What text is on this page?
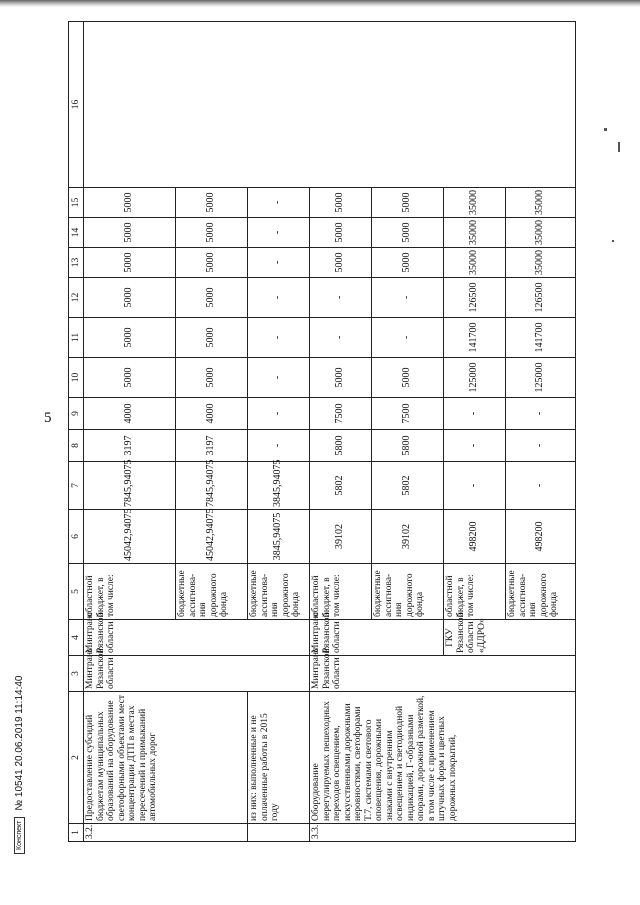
5
1	2	3	4	5	6	7	8	9	10	11	12	13	14	15	16
3.2.	Предоставление субсидий бюджетам муниципальных образований на оборудование светофорными объектами мест концентрации ДТП в местах пересечений и примыканий автомобильных дорог	Минтранс Рязанской области	Минтранс Рязанской области	областной бюджет, в том числе:	45042,94075	7845,94075	3197	4000	5000	5000	5000	5000	5000	5000	
				бюджетные ассигнова-ния дорожного фонда	45042,94075	7845,94075	3197	4000	5000	5000	5000	5000	5000	5000	
	из них: выполненные и не оплаченные работы в 2015 году			бюджетные ассигнова-ния дорожного фонда	3845,94075	3845,94075	-	-	-	-	-	-	-	-	
3.3.	Оборудование нерегулируемых пешеходных переходов освещением, искусственными дорожными неровностями, светофорами Т.7, системами светового оповещения, дорожными знаками с внутренним освещением и светодиодной индикацией, Г-образными опорами, дорожной разметкой, в том числе с применением штучных форм и цветных дорожных покрытий,	Минтранс Рязанской области	Минтранс Рязанской области	областной бюджет, в том числе:	39102	5802	5800	7500	5000	-	-	5000	5000	5000	
				бюджетные ассигнова-ния дорожного фонда	39102	5802	5800	7500	5000	-	-	5000	5000	5000	
			ГКУ Рязанской области «ДДРО»	областной бюджет, в том числе:	498200	-	-	-	125000	141700	126500	35000	35000	35000	
				бюджетные ассигнова-ния дорожного фонда	498200	-	-	-	125000	141700	126500	35000	35000	35000	
Конспект
№ 10541 20.06.2019 11:14:40
